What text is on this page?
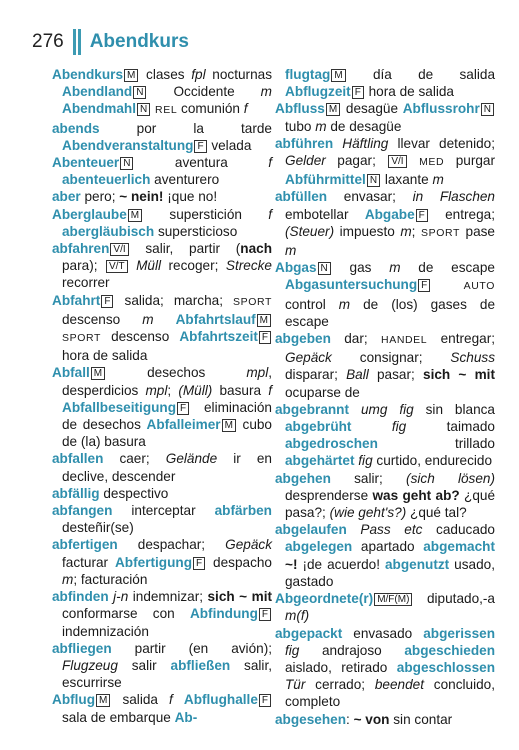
276 Abendkurs

Abendkurs M clases fpl nocturnas Abendland N Occidente m Abendmahl N REL comunión f

abends por la tarde Abendveranstaltung F velada

Abenteuer N	aventura f abenteuerlich aventurero

aber pero; ~ nein! ¡que no!

Aberglaube M superstición f abergläubisch supersticioso

abfahren V/I salir, partir (nach para); V/T Müll recoger; Strecke recorrer

Abfahrt F salida; marcha; SPORT descenso m Abfahrtslauf M SPORT descenso Abfahrtszeit F hora de salida

Abfall M	desechos mpl, desperdicios mpl; (Müll) basura f Abfallbeseitigung F eliminación de desechos Abfalleimer M cubo de (la) basura

abfallen caer; Gelände ir en declive, descender

abfällig despectivo

abfangen interceptar abfärben desteñir(se)

abfertigen despachar; Gepäck facturar Abfertigung F despacho m; facturación

abfinden j-n indemnizar; sich ~ mit conformarse con Abfindung F indemnización

abfliegen partir (en avión); Flugzeug salir abfließen salir, escurrirse

Abflug M salida f Abflughalle F sala de embarque Ab-

flugtag M día de salida Abflugzeit F hora de salida

Abfluss M desagüe Abflussrohr N tubo m de desagüe

abführen Häftling llevar detenido; Gelder pagar; V/I MED purgar Abführmittel N laxante m

abfüllen envasar; in Flaschen embotellar Abgabe F entrega; (Steuer) impuesto m; SPORT pase m

Abgas N gas m de escape Abgasuntersuchung F	AUTO control m de (los) gases de escape

abgeben dar; HANDEL entregar; Gepäck consignar; Schuss disparar; Ball pasar; sich ~ mit ocuparse de

abgebrannt umg fig sin blanca abgebrüht	fig taimado abgedroschen trillado abgehärtet fig curtido, endurecido

abgehen salir; (sich lösen) desprenderse was geht ab? ¿qué pasa?; (wie geht's?) ¿qué tal?

abgelaufen Pass etc caducado abgelegen apartado abgemacht ~! ¡de acuerdo! abgenutzt usado, gastado

Abgeordnete(r) M/F(M) diputado,-a m(f)

abgepackt envasado abgerissen fig andrajoso abgeschieden aislado, retirado abgeschlossen Tür cerrado; beendet concluido, completo

abgesehen: ~ von sin contar
